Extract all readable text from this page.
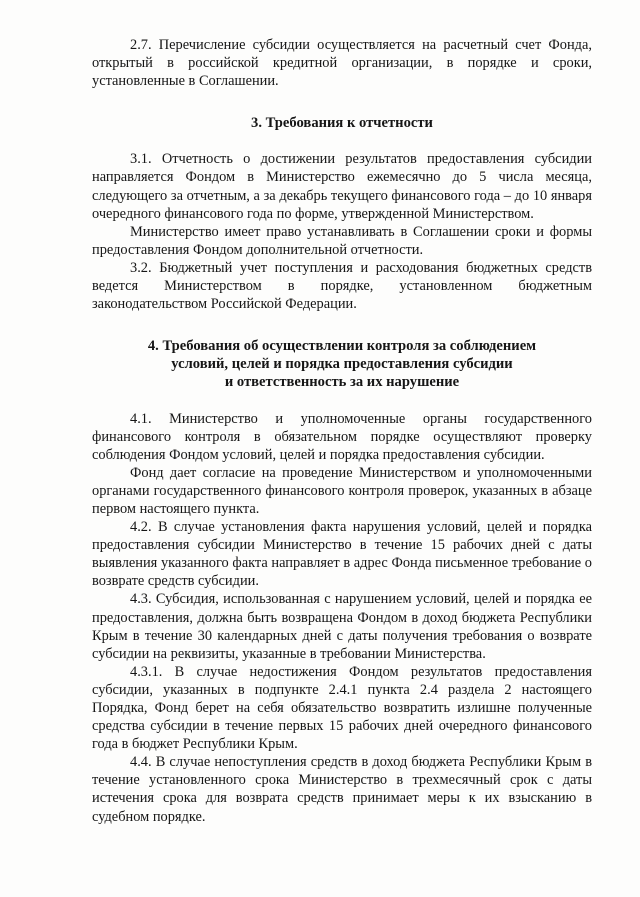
2.7. Перечисление субсидии осуществляется на расчетный счет Фонда, открытый в российской кредитной организации, в порядке и сроки, установленные в Соглашении.

3. Требования к отчетности

3.1. Отчетность о достижении результатов предоставления субсидии направляется Фондом в Министерство ежемесячно до 5 числа месяца, следующего за отчетным, а за декабрь текущего финансового года – до 10 января очередного финансового года по форме, утвержденной Министерством.

Министерство имеет право устанавливать в Соглашении сроки и формы предоставления Фондом дополнительной отчетности.

3.2. Бюджетный учет поступления и расходования бюджетных средств ведется Министерством в порядке, установленном бюджетным законодательством Российской Федерации.

4. Требования об осуществлении контроля за соблюдением
условий, целей и порядка предоставления субсидии
и ответственность за их нарушение

4.1. Министерство и уполномоченные органы государственного финансового контроля в обязательном порядке осуществляют проверку соблюдения Фондом условий, целей и порядка предоставления субсидии.

Фонд дает согласие на проведение Министерством и уполномоченными органами государственного финансового контроля проверок, указанных в абзаце первом настоящего пункта.

4.2. В случае установления факта нарушения условий, целей и порядка предоставления субсидии Министерство в течение 15 рабочих дней с даты выявления указанного факта направляет в адрес Фонда письменное требование о возврате средств субсидии.

4.3. Субсидия, использованная с нарушением условий, целей и порядка ее предоставления, должна быть возвращена Фондом в доход бюджета Республики Крым в течение 30 календарных дней с даты получения требования о возврате субсидии на реквизиты, указанные в требовании Министерства.

4.3.1. В случае недостижения Фондом результатов предоставления субсидии, указанных в подпункте 2.4.1 пункта 2.4 раздела 2 настоящего Порядка, Фонд берет на себя обязательство возвратить излишне полученные средства субсидии в течение первых 15 рабочих дней очередного финансового года в бюджет Республики Крым.

4.4. В случае непоступления средств в доход бюджета Республики Крым в течение установленного срока Министерство в трехмесячный срок с даты истечения срока для возврата средств принимает меры к их взысканию в судебном порядке.
